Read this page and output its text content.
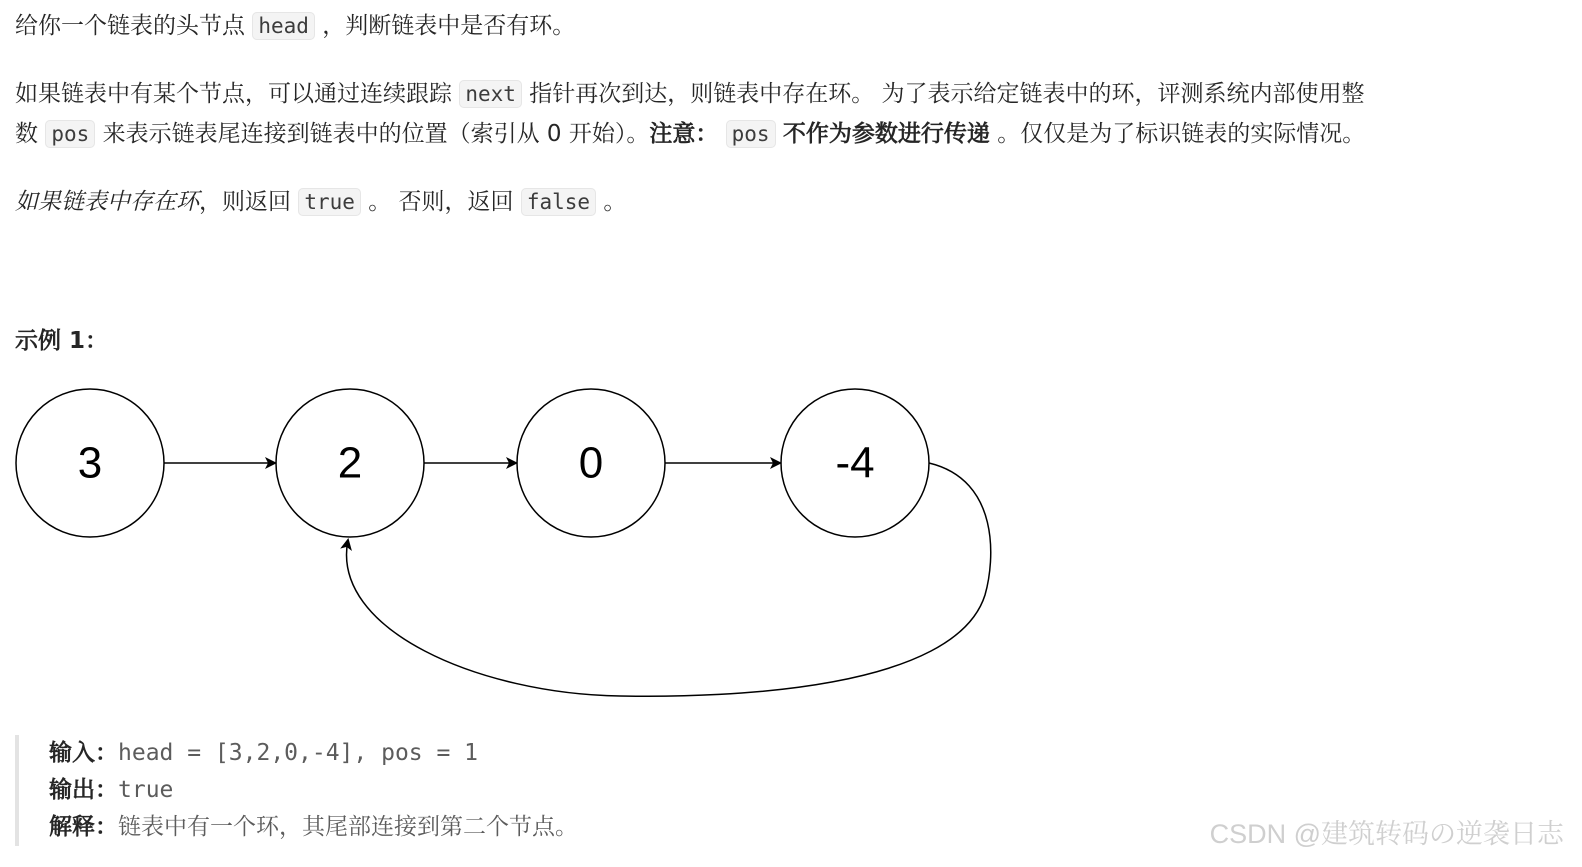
给你一个链表的头节点 head ，判断链表中是否有环。
如果链表中有某个节点，可以通过连续跟踪 next 指针再次到达，则链表中存在环。 为了表示给定链表中的环，评测系统内部使用整
数 pos 来表示链表尾连接到链表中的位置（索引从 0 开始）。注意： pos 不作为参数进行传递 。仅仅是为了标识链表的实际情况。
如果链表中存在环，则返回 true 。 否则，返回 false 。
示例 1：
3	2	0	-4
输入：head = [3,2,0,-4], pos = 1
输出：true
解释：链表中有一个环，其尾部连接到第二个节点。	CSDN @建筑转码の逆袭日志
